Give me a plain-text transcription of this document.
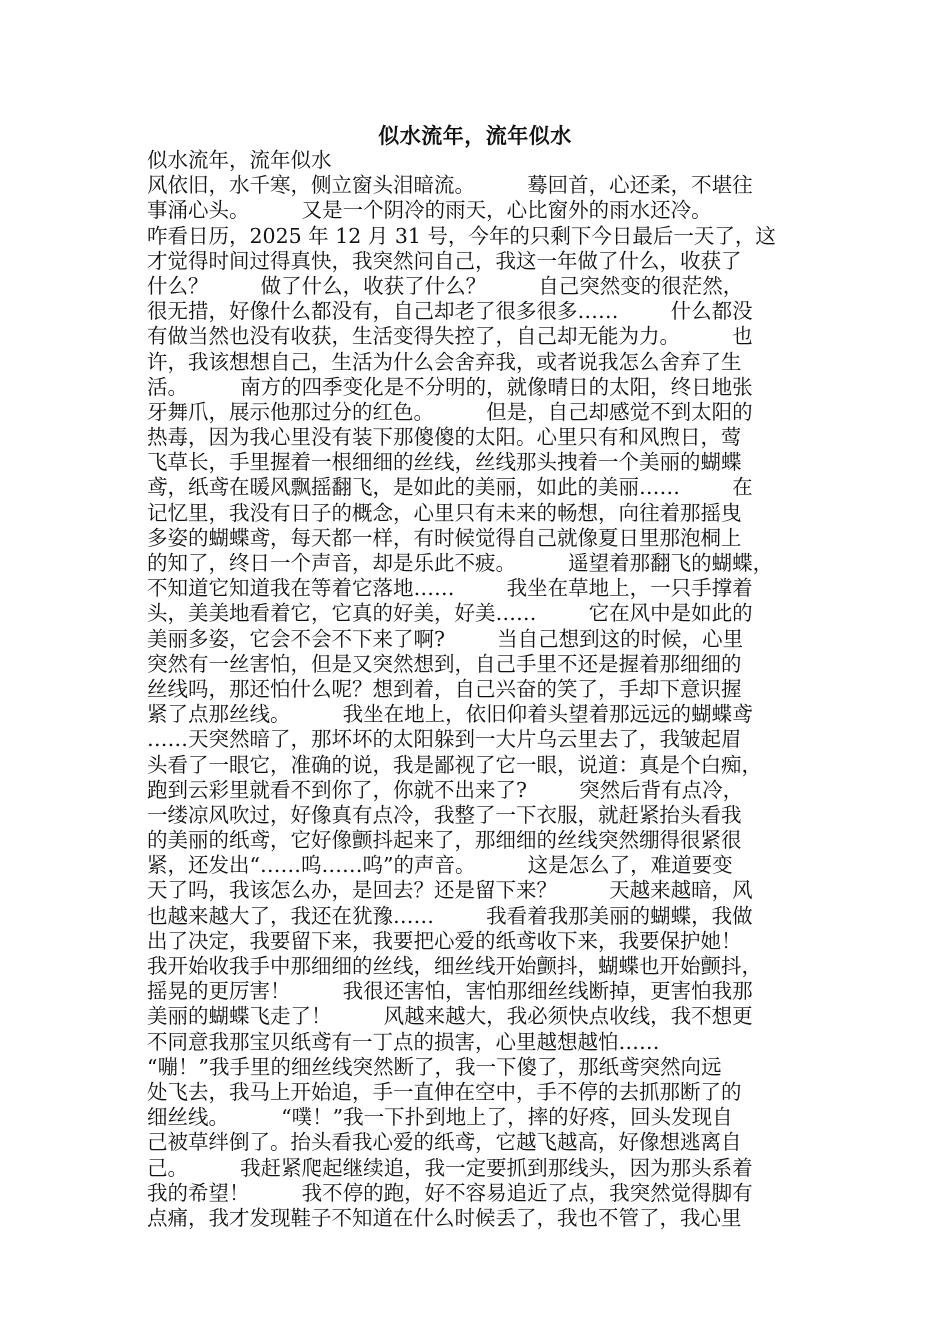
似水流年，流年似水
似水流年，流年似水
风依旧，水千寒，侧立窗头泪暗流。        蓦回首，心还柔，不堪往
事涌心头。        又是一个阴冷的雨天，心比窗外的雨水还冷。
咋看日历，2025 年 12 月 31 号，今年的只剩下今日最后一天了，这
才觉得时间过得真快，我突然问自己，我这一年做了什么，收获了
什么？        做了什么，收获了什么？        自己突然变的很茫然，
很无措，好像什么都没有，自己却老了很多很多……        什么都没
有做当然也没有收获，生活变得失控了，自己却无能为力。        也
许，我该想想自己，生活为什么会舍弃我，或者说我怎么舍弃了生
活。        南方的四季变化是不分明的，就像晴日的太阳，终日地张
牙舞爪，展示他那过分的红色。        但是，自己却感觉不到太阳的
热毒，因为我心里没有装下那傻傻的太阳。心里只有和风煦日，莺
飞草长，手里握着一根细细的丝线，丝线那头拽着一个美丽的蝴蝶
鸢，纸鸢在暖风飘摇翻飞，是如此的美丽，如此的美丽……        在
记忆里，我没有日子的概念，心里只有未来的畅想，向往着那摇曳
多姿的蝴蝶鸢，每天都一样，有时候觉得自己就像夏日里那泡桐上
的知了，终日一个声音，却是乐此不疲。        遥望着那翻飞的蝴蝶，
不知道它知道我在等着它落地……        我坐在草地上，一只手撑着
头，美美地看着它，它真的好美，好美……        它在风中是如此的
美丽多姿，它会不会不下来了啊?        当自己想到这的时候，心里
突然有一丝害怕，但是又突然想到，自己手里不还是握着那细细的
丝线吗，那还怕什么呢？想到着，自己兴奋的笑了，手却下意识握
紧了点那丝线。        我坐在地上，依旧仰着头望着那远远的蝴蝶鸢
……天突然暗了，那坏坏的太阳躲到一大片乌云里去了，我皱起眉
头看了一眼它，准确的说，我是鄙视了它一眼，说道：真是个白痴，
跑到云彩里就看不到你了，你就不出来了?        突然后背有点冷，
一缕凉风吹过，好像真有点冷，我整了一下衣服，就赶紧抬头看我
的美丽的纸鸢，它好像颤抖起来了，那细细的丝线突然绷得很紧很
紧，还发出“……呜……呜”的声音。        这是怎么了，难道要变
天了吗，我该怎么办，是回去？还是留下来？        天越来越暗，风
也越来越大了，我还在犹豫……        我看着我那美丽的蝴蝶，我做
出了决定，我要留下来，我要把心爱的纸鸢收下来，我要保护她！
我开始收我手中那细细的丝线，细丝线开始颤抖，蝴蝶也开始颤抖，
摇晃的更厉害！        我很还害怕，害怕那细丝线断掉，更害怕我那
美丽的蝴蝶飞走了！        风越来越大，我必须快点收线，我不想更
不同意我那宝贝纸鸢有一丁点的损害，心里越想越怕……
“嘣！”我手里的细丝线突然断了，我一下傻了，那纸鸢突然向远
处飞去，我马上开始追，手一直伸在空中，手不停的去抓那断了的
细丝线。        “噗！”我一下扑到地上了，摔的好疼，回头发现自
己被草绊倒了。抬头看我心爱的纸鸢，它越飞越高，好像想逃离自
己。        我赶紧爬起继续追，我一定要抓到那线头，因为那头系着
我的希望！        我不停的跑，好不容易追近了点，我突然觉得脚有
点痛，我才发现鞋子不知道在什么时候丢了，我也不管了，我心里
